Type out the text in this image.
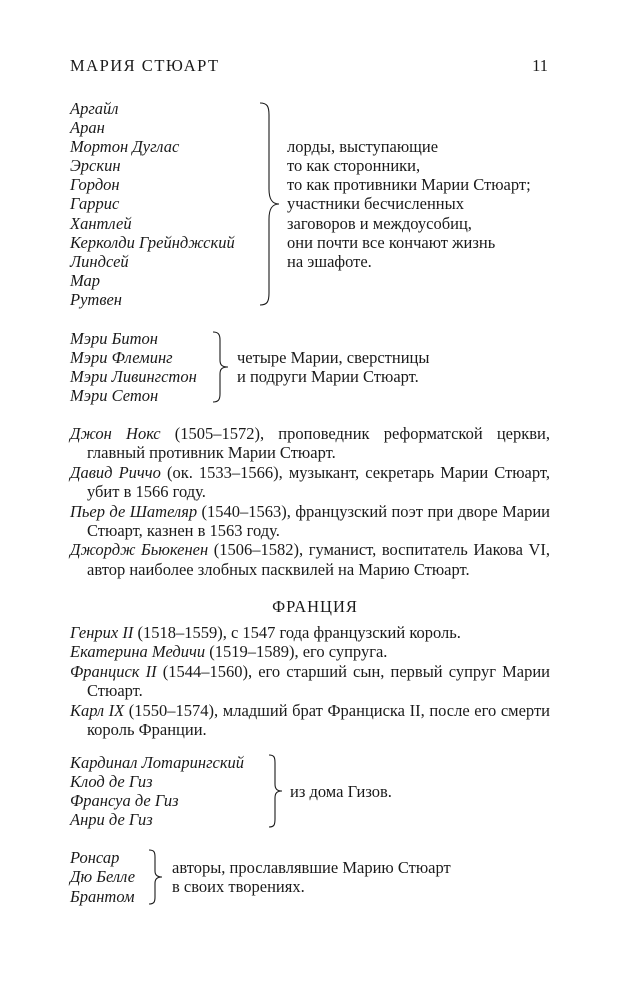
МАРИЯ СТЮАРТ	11
Аргайл
Аран
Мортон Дуглас
Эрскин
Гордон
Гаррис
Хантлей
Керколди Грейнджский
Линдсей
Мар
Рутвен
лорды, выступающие
то как сторонники,
то как противники Марии Стюарт;
участники бесчисленных
заговоров и междоусобиц,
они почти все кончают жизнь
на эшафоте.
Мэри Битон
Мэри Флеминг
Мэри Ливингстон
Мэри Сетон
четыре Марии, сверстницы
и подруги Марии Стюарт.
Джон Нокс (1505–1572), проповедник реформатской церкви, главный противник Марии Стюарт.
Давид Риччо (ок. 1533–1566), музыкант, секретарь Марии Стюарт, убит в 1566 году.
Пьер де Шателяр (1540–1563), французский поэт при дворе Марии Стюарт, казнен в 1563 году.
Джордж Бьюкенен (1506–1582), гуманист, воспитатель Иакова VI, автор наиболее злобных пасквилей на Марию Стюарт.
ФРАНЦИЯ
Генрих II (1518–1559), с 1547 года французский король.
Екатерина Медичи (1519–1589), его супруга.
Франциск II (1544–1560), его старший сын, первый супруг Марии Стюарт.
Карл IX (1550–1574), младший брат Франциска II, после его смерти король Франции.
Кардинал Лотарингский
Клод де Гиз
Франсуа де Гиз
Анри де Гиз
из дома Гизов.
Ронсар
Дю Белле
Брантом
авторы, прославлявшие Марию Стюарт
в своих творениях.
